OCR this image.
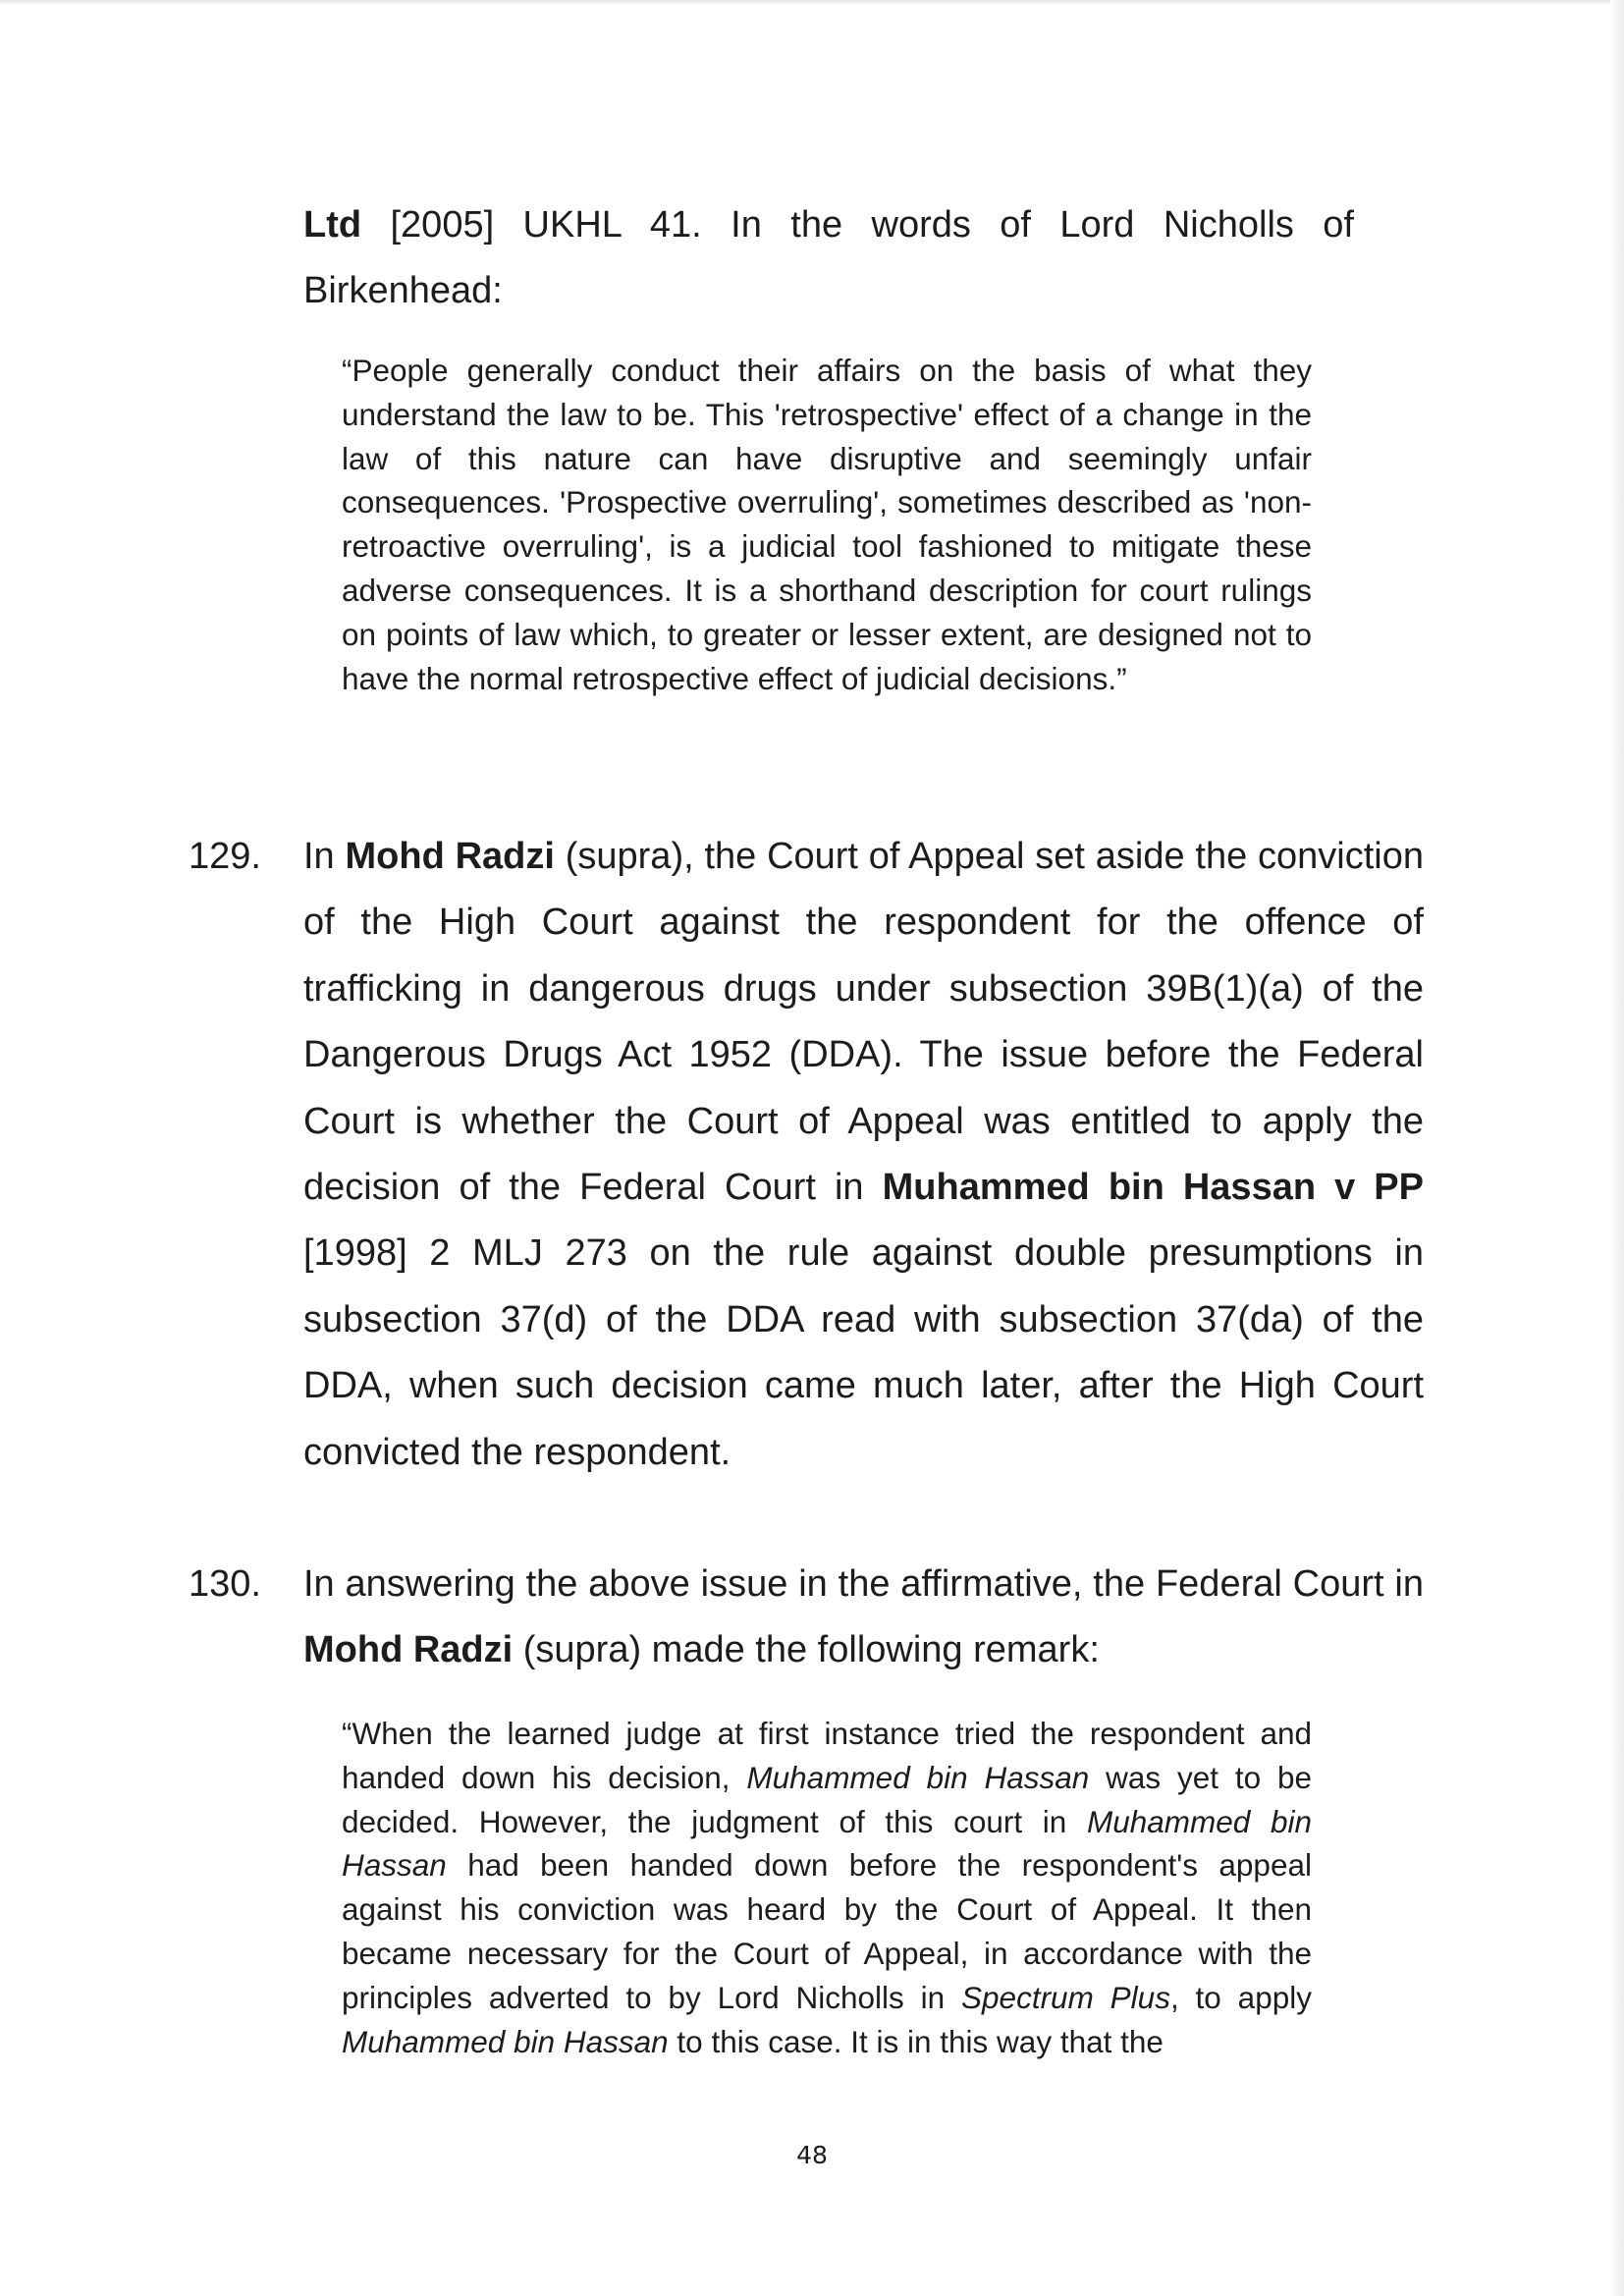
Ltd [2005] UKHL 41. In the words of Lord Nicholls of Birkenhead:

“People generally conduct their affairs on the basis of what they understand the law to be. This 'retrospective' effect of a change in the law of this nature can have disruptive and seemingly unfair consequences. 'Prospective overruling', sometimes described as 'non-retroactive overruling', is a judicial tool fashioned to mitigate these adverse consequences. It is a shorthand description for court rulings on points of law which, to greater or lesser extent, are designed not to have the normal retrospective effect of judicial decisions.”

129. In Mohd Radzi (supra), the Court of Appeal set aside the conviction of the High Court against the respondent for the offence of trafficking in dangerous drugs under subsection 39B(1)(a) of the Dangerous Drugs Act 1952 (DDA). The issue before the Federal Court is whether the Court of Appeal was entitled to apply the decision of the Federal Court in Muhammed bin Hassan v PP [1998] 2 MLJ 273 on the rule against double presumptions in subsection 37(d) of the DDA read with subsection 37(da) of the DDA, when such decision came much later, after the High Court convicted the respondent.

130. In answering the above issue in the affirmative, the Federal Court in Mohd Radzi (supra) made the following remark:

“When the learned judge at first instance tried the respondent and handed down his decision, Muhammed bin Hassan was yet to be decided. However, the judgment of this court in Muhammed bin Hassan had been handed down before the respondent's appeal against his conviction was heard by the Court of Appeal. It then became necessary for the Court of Appeal, in accordance with the principles adverted to by Lord Nicholls in Spectrum Plus, to apply Muhammed bin Hassan to this case. It is in this way that the

48
